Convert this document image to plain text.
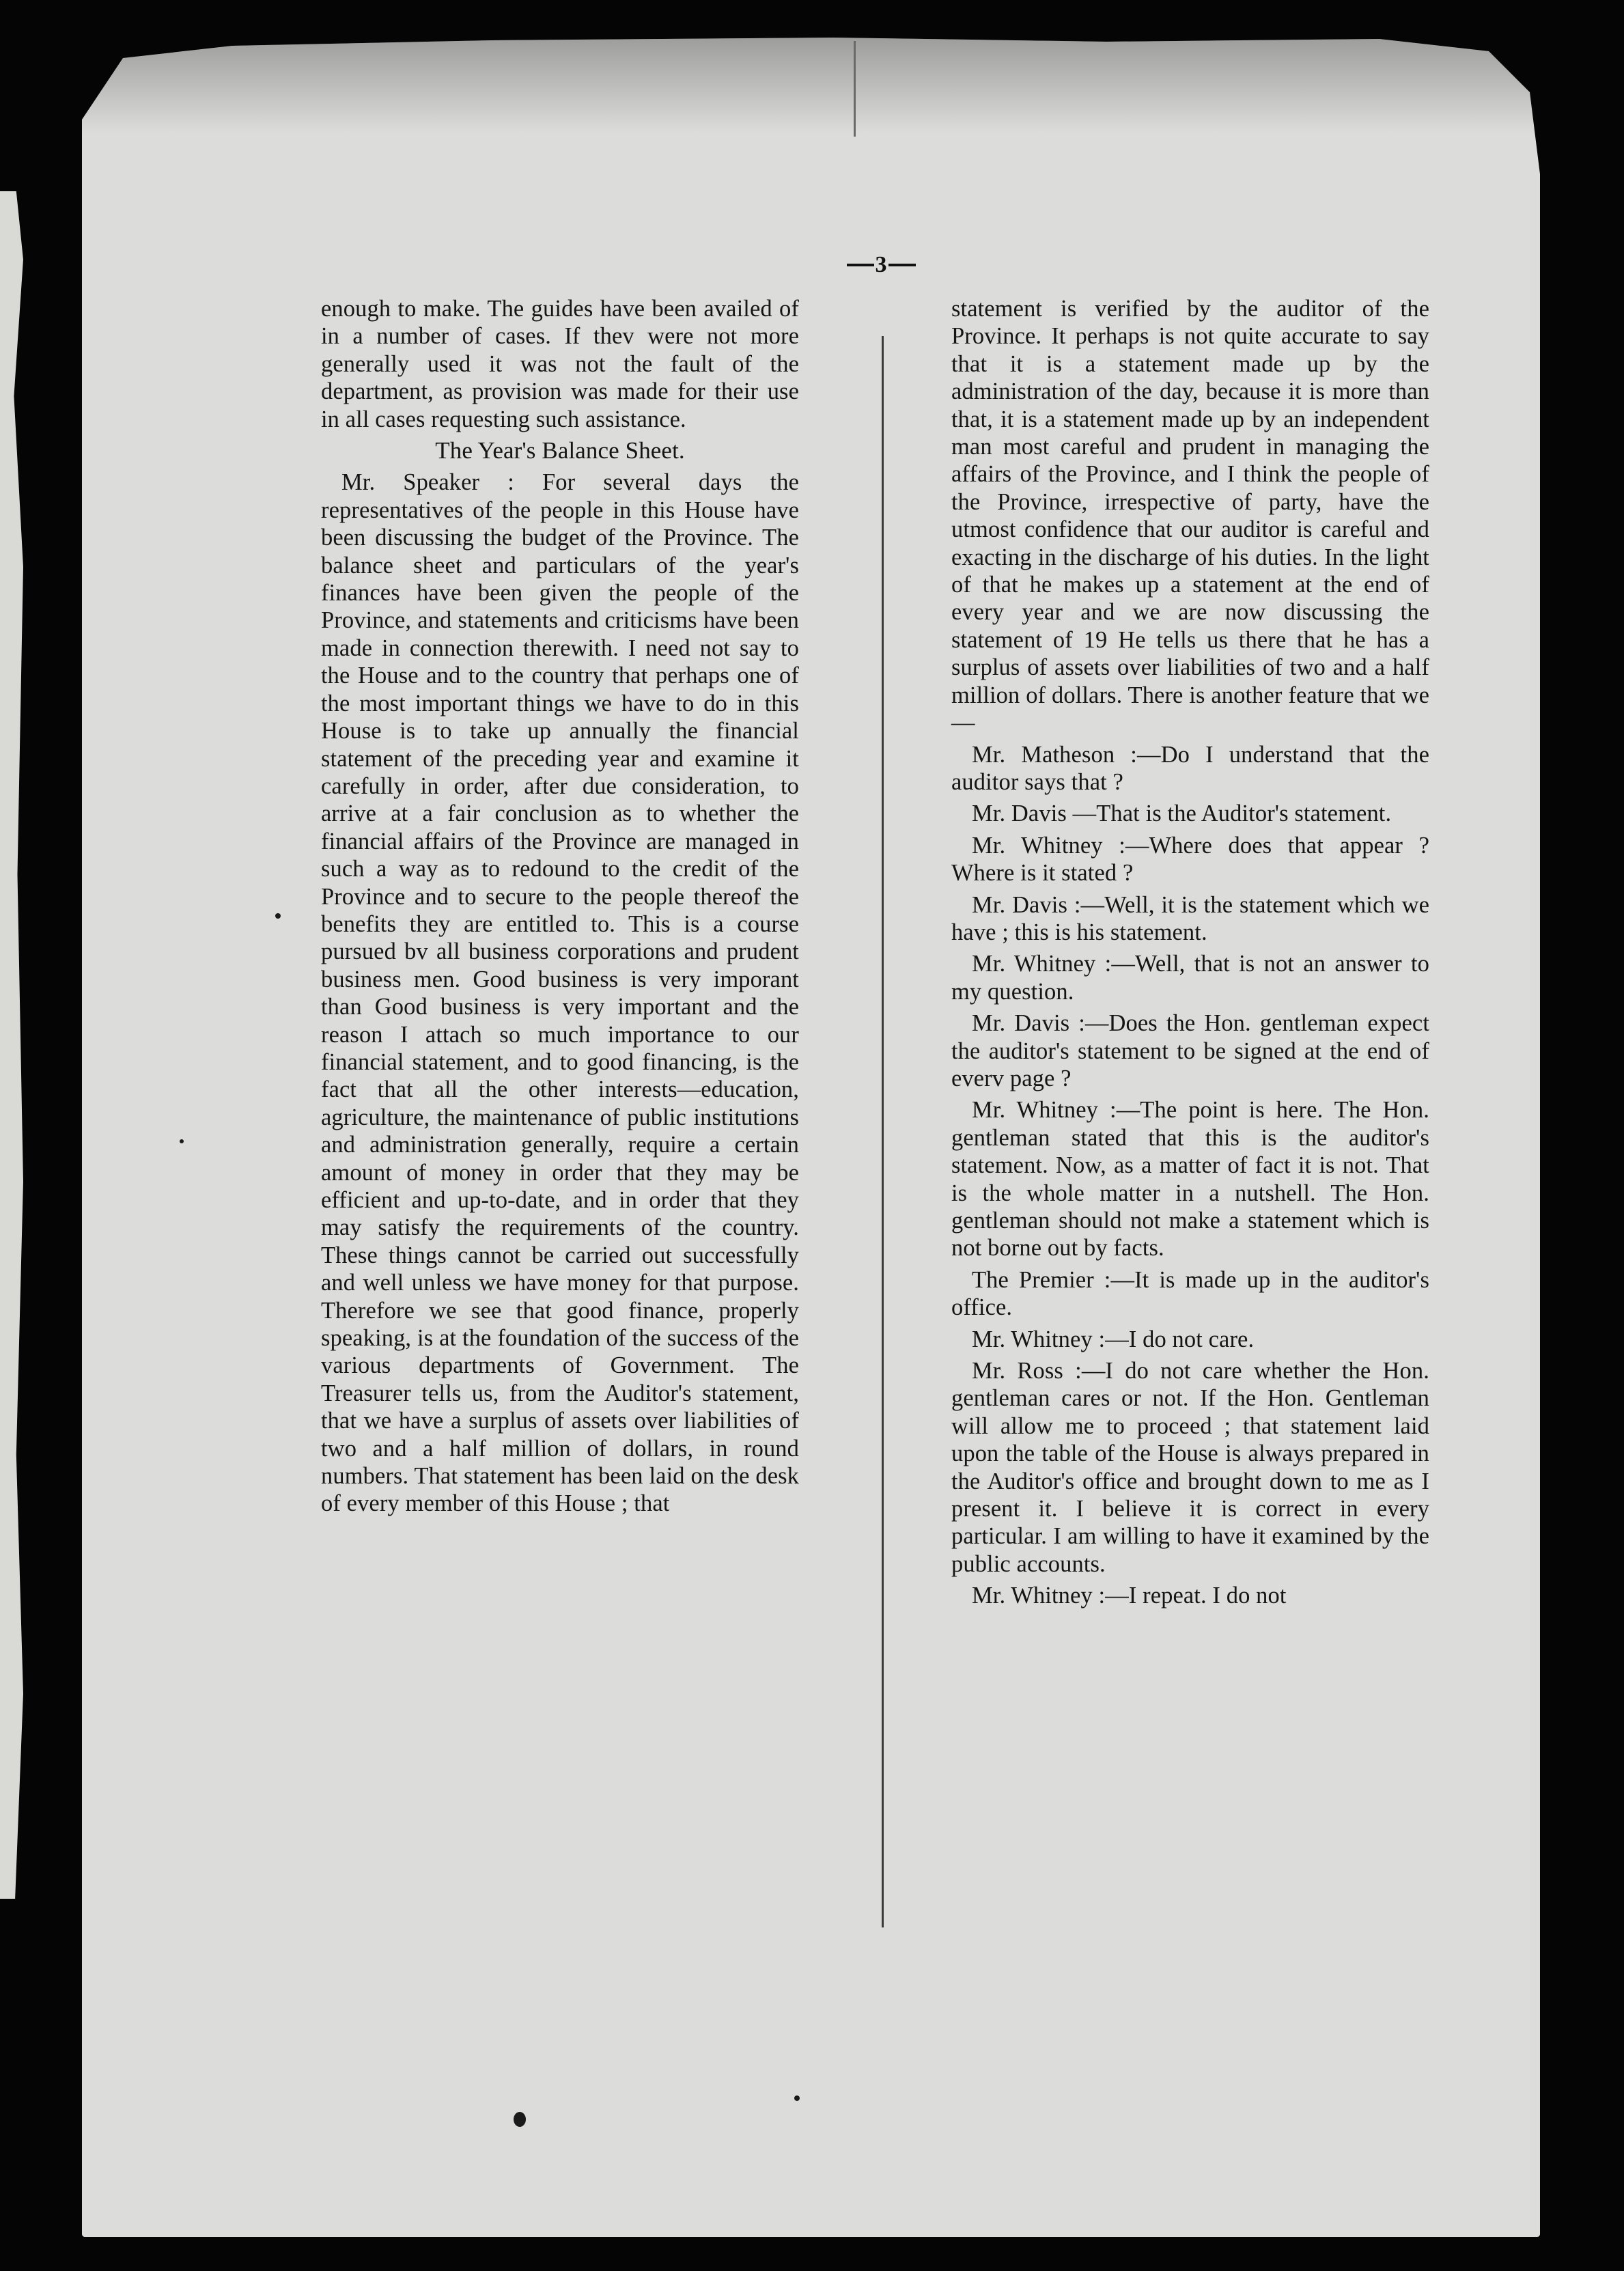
3

enough to make. The guides have been availed of in a number of cases. If thev were not more generally used it was not the fault of the department, as provision was made for their use in all cases requesting such assistance.

The Year's Balance Sheet.

Mr. Speaker : For several days the representatives of the people in this House have been discussing the budget of the Province. The balance sheet and particulars of the year's finances have been given the people of the Province, and statements and criticisms have been made in connection therewith. I need not say to the House and to the country that perhaps one of the most important things we have to do in this House is to take up annually the financial statement of the preceding year and examine it carefully in order, after due consideration, to arrive at a fair conclusion as to whether the financial affairs of the Province are managed in such a way as to redound to the credit of the Province and to secure to the people thereof the benefits they are entitled to. This is a course pursued bv all business corporations and prudent business men. Good business is very imporant than Good business is very important and the reason I attach so much importance to our financial statement, and to good financing, is the fact that all the other interests—education, agriculture, the maintenance of public institutions and administration generally, require a certain amount of money in order that they may be efficient and up-to-date, and in order that they may satisfy the requirements of the country. These things cannot be carried out successfully and well unless we have money for that purpose. Therefore we see that good finance, properly speaking, is at the foundation of the success of the various departments of Government. The Treasurer tells us, from the Auditor's statement, that we have a surplus of assets over liabilities of two and a half million of dollars, in round numbers. That statement has been laid on the desk of every member of this House ; that

statement is verified by the auditor of the Province. It perhaps is not quite accurate to say that it is a statement made up by the administration of the day, because it is more than that, it is a statement made up by an independent man most careful and prudent in managing the affairs of the Province, and I think the people of the Province, irrespective of party, have the utmost confidence that our auditor is careful and exacting in the discharge of his duties. In the light of that he makes up a statement at the end of every year and we are now discussing the statement of 19 He tells us there that he has a surplus of assets over liabilities of two and a half million of dollars. There is another feature that we—

Mr. Matheson :—Do I understand that the auditor says that ?

Mr. Davis —That is the Auditor's statement.

Mr. Whitney :—Where does that appear ? Where is it stated ?

Mr. Davis :—Well, it is the statement which we have ; this is his statement.

Mr. Whitney :—Well, that is not an answer to my question.

Mr. Davis :—Does the Hon. gentleman expect the auditor's statement to be signed at the end of everv page ?

Mr. Whitney :—The point is here. The Hon. gentleman stated that this is the auditor's statement. Now, as a matter of fact it is not. That is the whole matter in a nutshell. The Hon. gentleman should not make a statement which is not borne out by facts.

The Premier :—It is made up in the auditor's office.

Mr. Whitney :—I do not care.

Mr. Ross :—I do not care whether the Hon. gentleman cares or not. If the Hon. Gentleman will allow me to proceed ; that statement laid upon the table of the House is always prepared in the Auditor's office and brought down to me as I present it. I believe it is correct in every particular. I am willing to have it examined by the public accounts.

Mr. Whitney :—I repeat. I do not
